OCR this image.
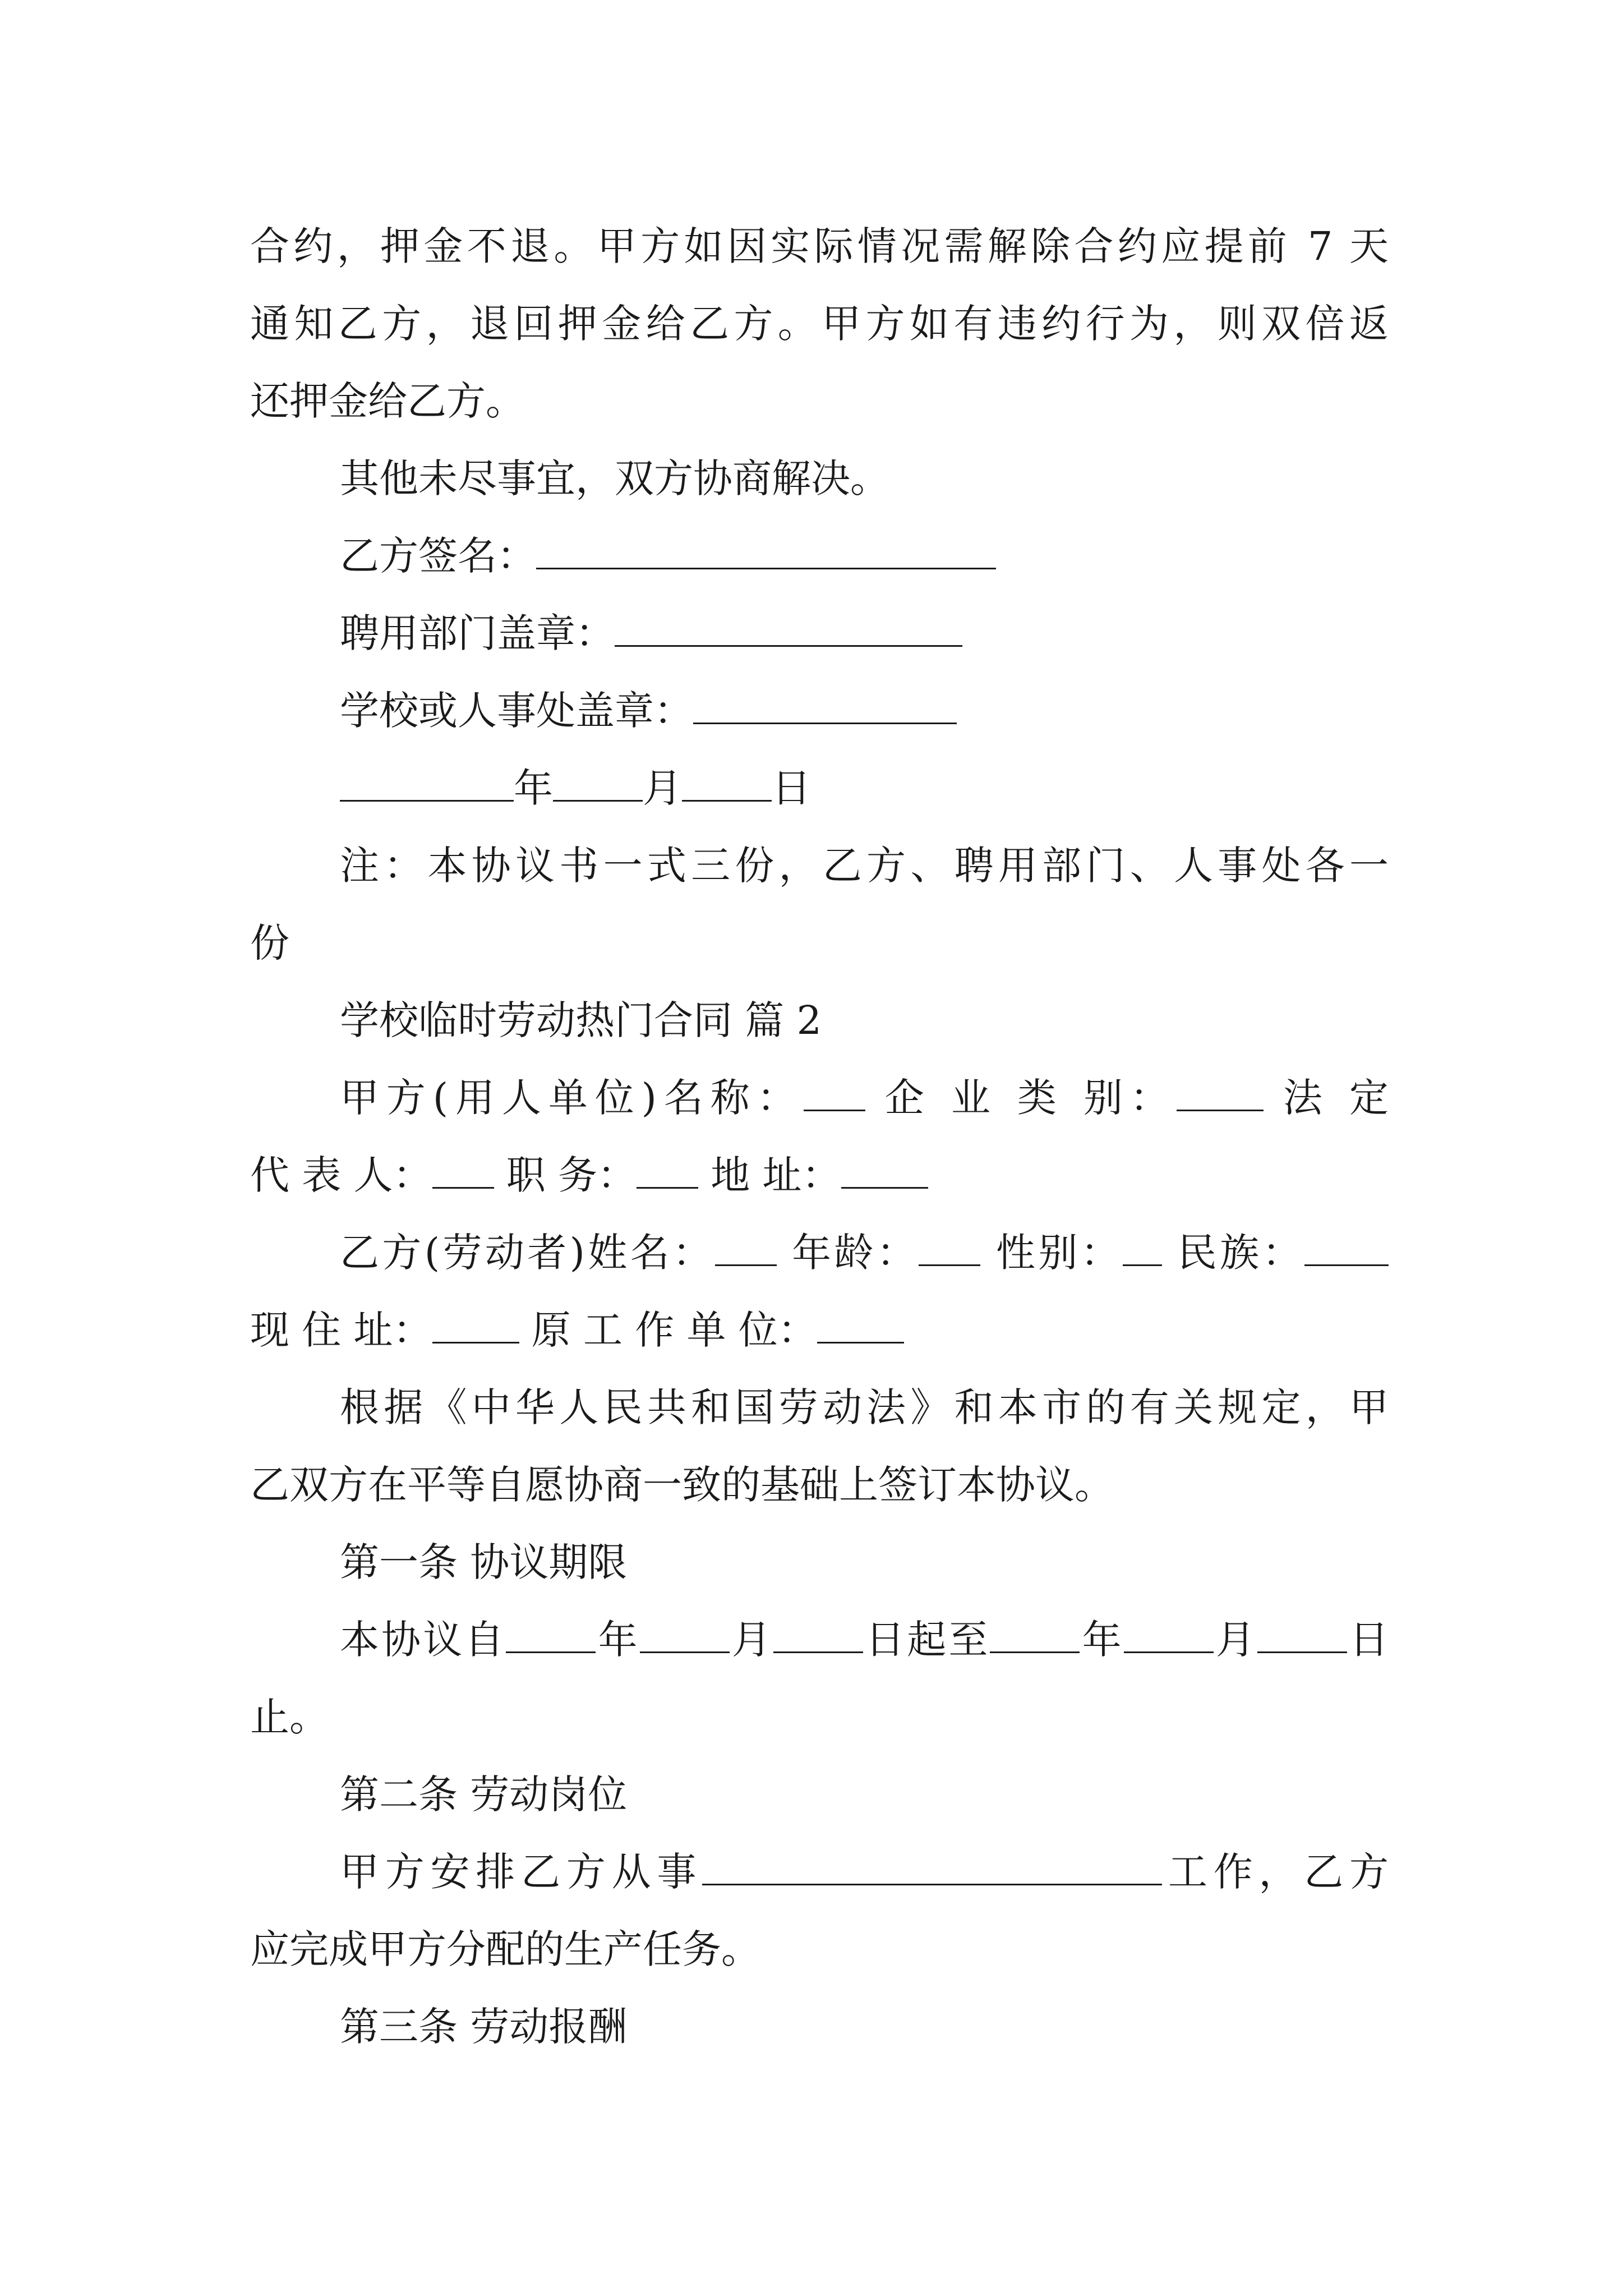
合约，押金不退。甲方如因实际情况需解除合约应提前 7 天
通知乙方，退回押金给乙方。甲方如有违约行为，则双倍返
还押金给乙方。
其他未尽事宜，双方协商解决。
乙方签名：
聘用部门盖章：
学校或人事处盖章：
年 月 日
注：本协议书一式三份，乙方、聘用部门、人事处各一
份
学校临时劳动热门合同 篇 2
甲方(用人单位)名称： 企 业 类 别： 法 定
代 表 人： 职 务： 地 址：
乙方(劳动者)姓名： 年龄： 性别： 民族：
现 住 址： 原 工 作 单 位：
根据《中华人民共和国劳动法》和本市的有关规定，甲
乙双方在平等自愿协商一致的基础上签订本协议。
第一条 协议期限
本协议自 年 月 日起至 年 月 日
止。
第二条 劳动岗位
甲方安排乙方从事	工作，乙方
应完成甲方分配的生产任务。
第三条 劳动报酬
